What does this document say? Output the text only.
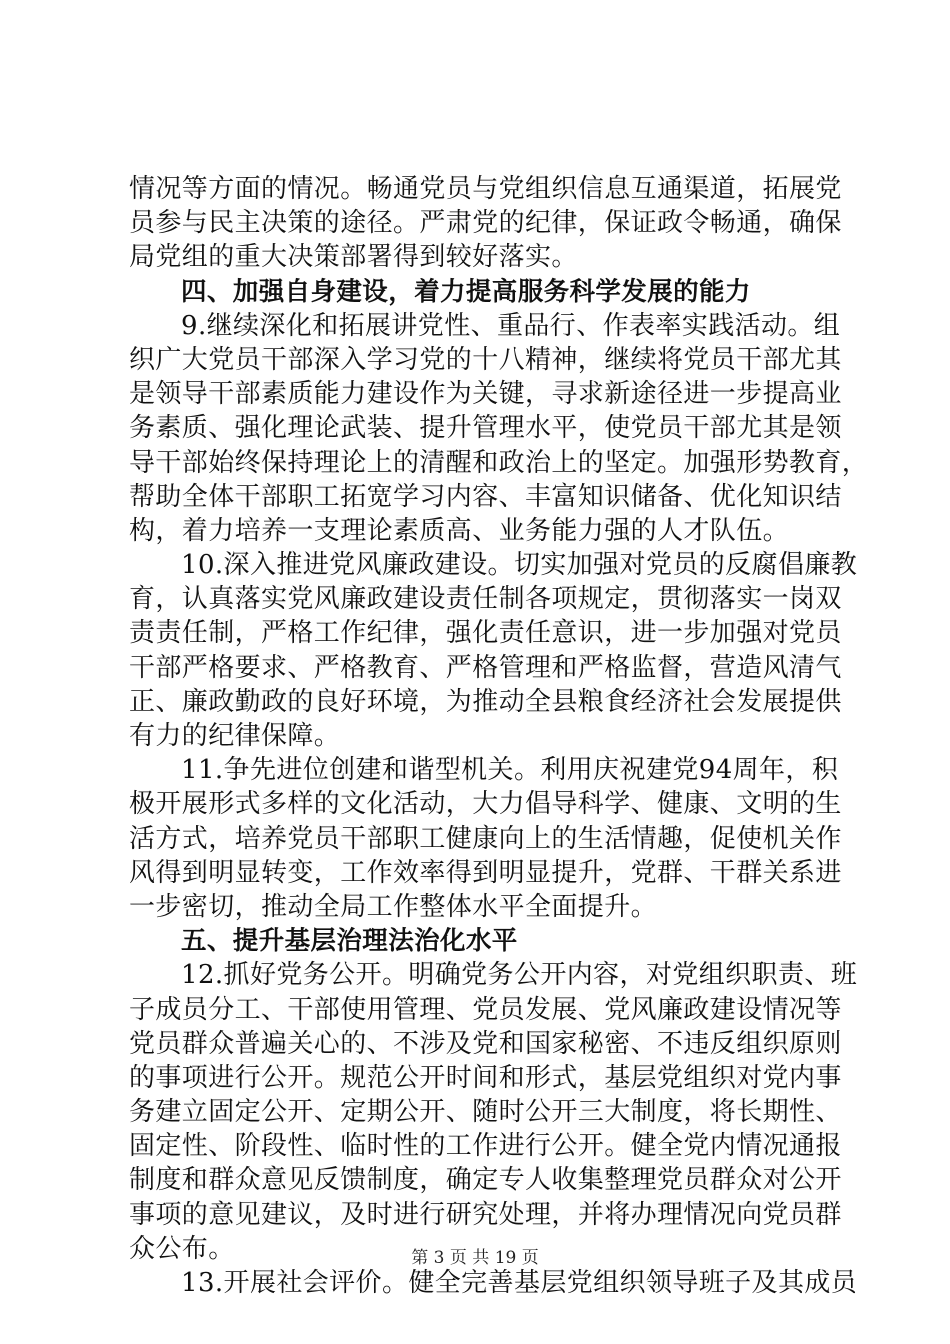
情况等方面的情况。畅通党员与党组织信息互通渠道，拓展党
员参与民主决策的途径。严肃党的纪律，保证政令畅通，确保
局党组的重大决策部署得到较好落实。
四、加强自身建设，着力提高服务科学发展的能力
9.继续深化和拓展讲党性、重品行、作表率实践活动。组
织广大党员干部深入学习党的十八精神，继续将党员干部尤其
是领导干部素质能力建设作为关键，寻求新途径进一步提高业
务素质、强化理论武装、提升管理水平，使党员干部尤其是领
导干部始终保持理论上的清醒和政治上的坚定。加强形势教育，
帮助全体干部职工拓宽学习内容、丰富知识储备、优化知识结
构，着力培养一支理论素质高、业务能力强的人才队伍。
10.深入推进党风廉政建设。切实加强对党员的反腐倡廉教
育，认真落实党风廉政建设责任制各项规定，贯彻落实一岗双
责责任制，严格工作纪律，强化责任意识，进一步加强对党员
干部严格要求、严格教育、严格管理和严格监督，营造风清气
正、廉政勤政的良好环境，为推动全县粮食经济社会发展提供
有力的纪律保障。
11.争先进位创建和谐型机关。利用庆祝建党94周年，积
极开展形式多样的文化活动，大力倡导科学、健康、文明的生
活方式，培养党员干部职工健康向上的生活情趣，促使机关作
风得到明显转变，工作效率得到明显提升，党群、干群关系进
一步密切，推动全局工作整体水平全面提升。
五、提升基层治理法治化水平
12.抓好党务公开。明确党务公开内容，对党组织职责、班
子成员分工、干部使用管理、党员发展、党风廉政建设情况等
党员群众普遍关心的、不涉及党和国家秘密、不违反组织原则
的事项进行公开。规范公开时间和形式，基层党组织对党内事
务建立固定公开、定期公开、随时公开三大制度，将长期性、
固定性、阶段性、临时性的工作进行公开。健全党内情况通报
制度和群众意见反馈制度，确定专人收集整理党员群众对公开
事项的意见建议，及时进行研究处理，并将办理情况向党员群
众公布。
13.开展社会评价。健全完善基层党组织领导班子及其成员
第 3 页 共 19 页
